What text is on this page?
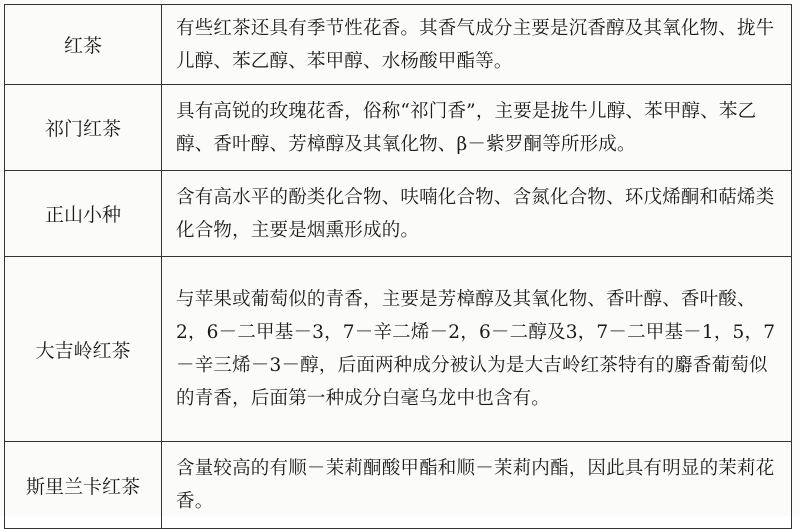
红茶	有些红茶还具有季节性花香。其香气成分主要是沉香醇及其氧化物、拢牛儿醇、苯乙醇、苯甲醇、水杨酸甲酯等。
祁门红茶	具有高锐的玫瑰花香，俗称“祁门香”，主要是拢牛儿醇、苯甲醇、苯乙醇、香叶醇、芳樟醇及其氧化物、β－紫罗酮等所形成。
正山小种	含有高水平的酚类化合物、呋喃化合物、含氮化合物、环戊烯酮和萜烯类化合物，主要是烟熏形成的。
大吉岭红茶	与苹果或葡萄似的青香，主要是芳樟醇及其氧化物、香叶醇、香叶酸、2，6－二甲基－3，7－辛二烯－2，6－二醇及3，7－二甲基－1，5，7－辛三烯－3－醇，后面两种成分被认为是大吉岭红茶特有的麝香葡萄似的青香，后面第一种成分白毫乌龙中也含有。
斯里兰卡红茶	含量较高的有顺－茉莉酮酸甲酯和顺－茉莉内酯，因此具有明显的茉莉花香。
